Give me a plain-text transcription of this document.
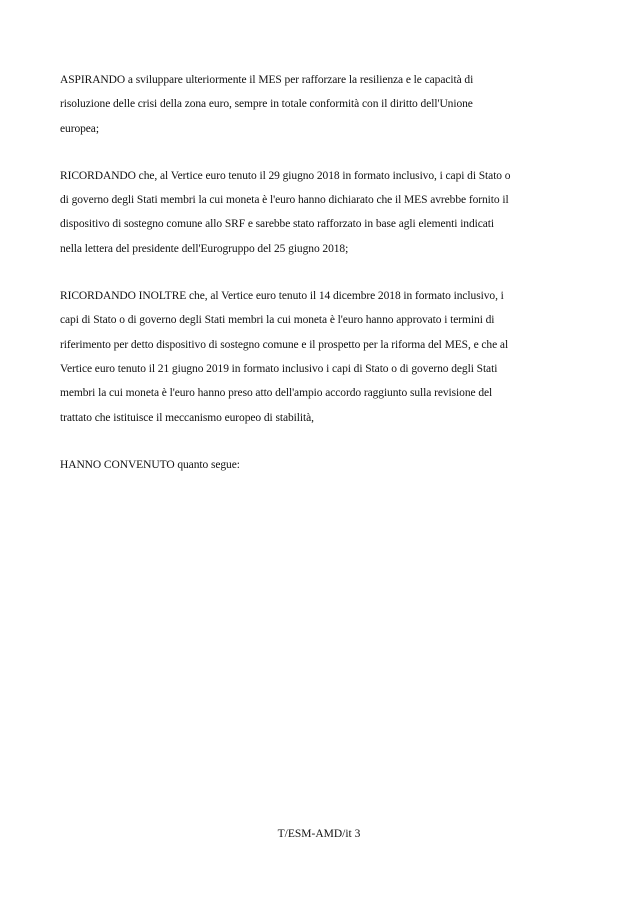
ASPIRANDO a sviluppare ulteriormente il MES per rafforzare la resilienza e le capacità di
risoluzione delle crisi della zona euro, sempre in totale conformità con il diritto dell'Unione
europea;

RICORDANDO che, al Vertice euro tenuto il 29 giugno 2018 in formato inclusivo, i capi di Stato o
di governo degli Stati membri la cui moneta è l'euro hanno dichiarato che il MES avrebbe fornito il
dispositivo di sostegno comune allo SRF e sarebbe stato rafforzato in base agli elementi indicati
nella lettera del presidente dell'Eurogruppo del 25 giugno 2018;

RICORDANDO INOLTRE che, al Vertice euro tenuto il 14 dicembre 2018 in formato inclusivo, i
capi di Stato o di governo degli Stati membri la cui moneta è l'euro hanno approvato i termini di
riferimento per detto dispositivo di sostegno comune e il prospetto per la riforma del MES, e che al
Vertice euro tenuto il 21 giugno 2019 in formato inclusivo i capi di Stato o di governo degli Stati
membri la cui moneta è l'euro hanno preso atto dell'ampio accordo raggiunto sulla revisione del
trattato che istituisce il meccanismo europeo di stabilità,

HANNO CONVENUTO quanto segue:

T/ESM-AMD/it 3
